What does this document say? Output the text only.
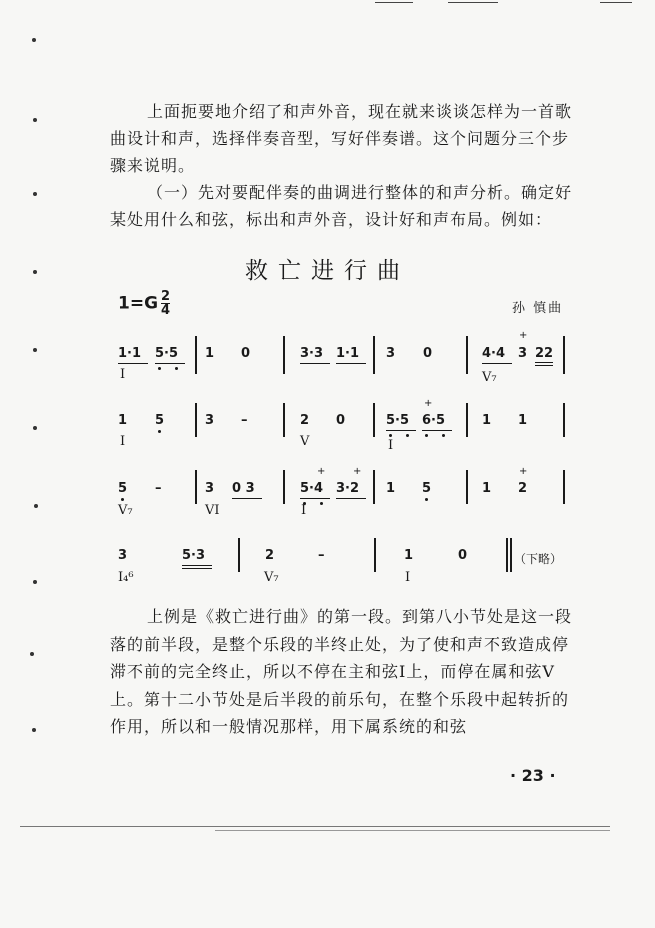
上面扼要地介绍了和声外音，现在就来谈谈怎样为一首歌曲设计和声，选择伴奏音型，写好伴奏谱。这个问题分三个步骤来说明。

（一）先对要配伴奏的曲调进行整体的和声分析。确定好某处用什么和弦，标出和声外音，设计好和声布局。例如：

救亡进行曲
$1=G \frac{2}{4}$	孙 慎曲
1·1 5·5 1 0	3·3 1·1 3 0	4·4
+
3 22
I	V₇
1 5	3 –	2 0	5·5
+
6·5	1 1
I	V	I
5 –	3 0 3
+
5·4
+
3·2 1 5	1
+
2
V₇	VI	I
3	5·3	2	–	1	0	（下略）
I₄⁶	V₇	I

上例是《救亡进行曲》的第一段。到第八小节处是这一段落的前半段，是整个乐段的半终止处，为了使和声不致造成停滞不前的完全终止，所以不停在主和弦Ⅰ上，而停在属和弦Ⅴ上。第十二小节处是后半段的前乐句，在整个乐段中起转折的作用，所以和一般情况那样，用下属系统的和弦

· 23 ·
